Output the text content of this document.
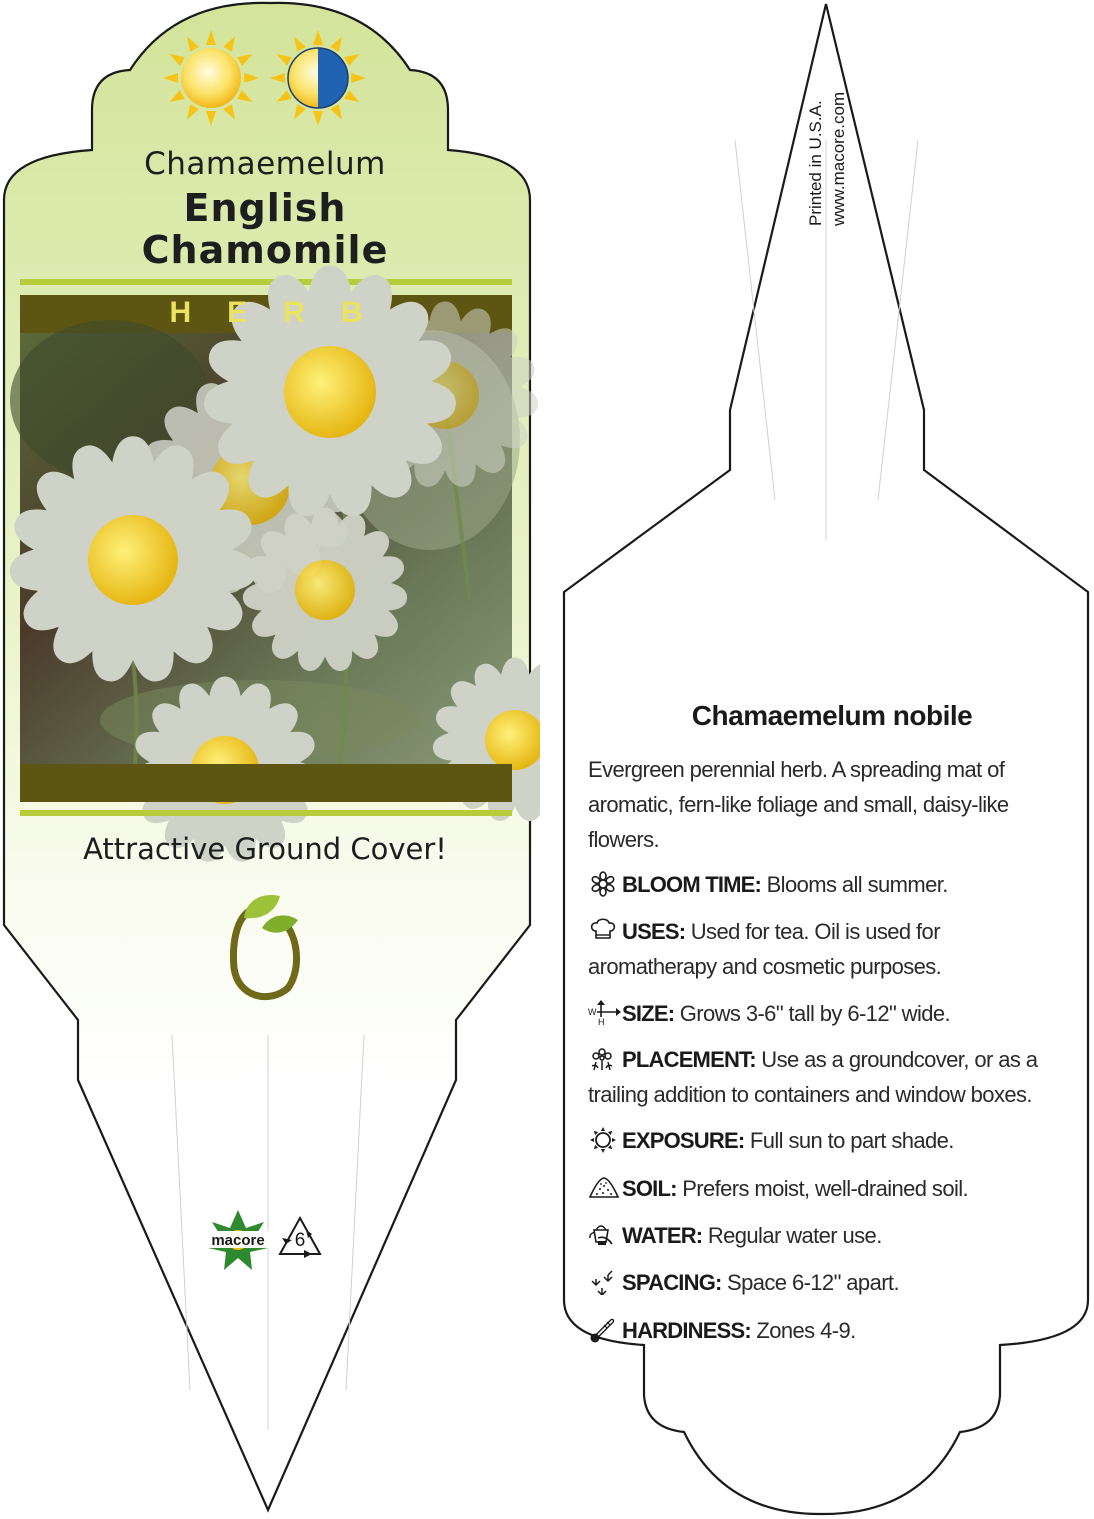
macore
Chamaemelum
English
Chamomile
HERB
Attractive Ground Cover!
6
Printed in U.S.A. www.macore.com
Chamaemelum nobile
Evergreen perennial herb. A spreading mat of aromatic, fern-like foliage and small, daisy-like flowers.
BLOOM TIME: Blooms all summer.
USES: Used for tea. Oil is used for aromatherapy and cosmetic purposes.
W
H SIZE: Grows 3-6" tall by 6-12" wide.
PLACEMENT: Use as a groundcover, or as a trailing addition to containers and window boxes.
EXPOSURE: Full sun to part shade.
SOIL: Prefers moist, well-drained soil.
WATER: Regular water use.
SPACING: Space 6-12" apart.
HARDINESS: Zones 4-9.
